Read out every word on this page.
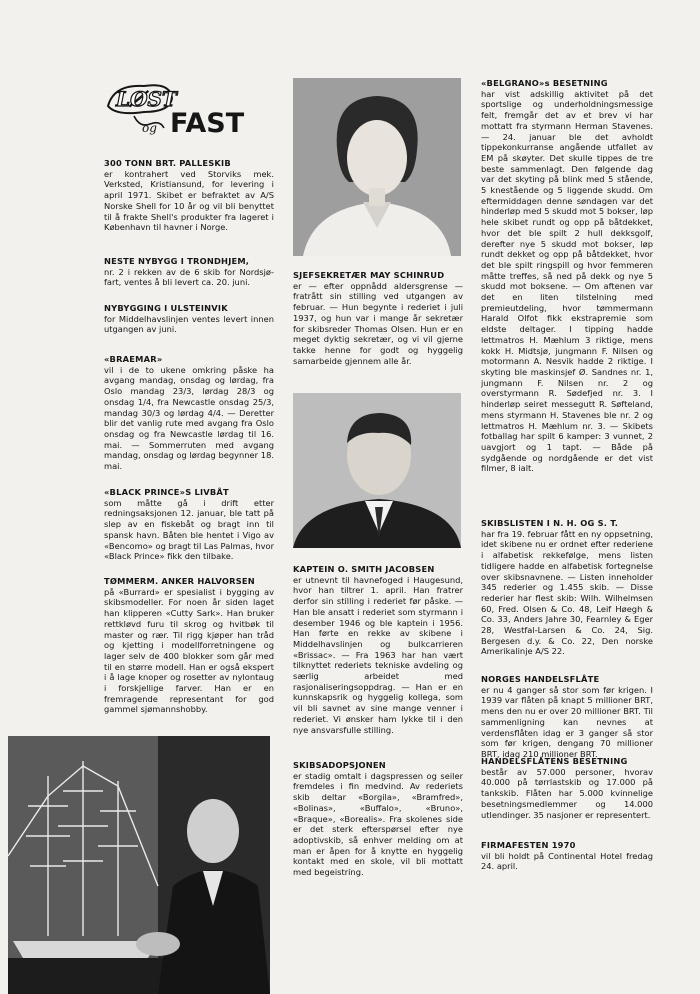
LØST
og FAST
300 TONN BRT. PALLESKIB

er kontrahert ved Storviks mek. Verksted, Kristiansund, for levering i april 1971. Skibet er befraktet av A/S Norske Shell for 10 år og vil bli benyttet til å frakte Shell's produkter fra lageret i København til havner i Norge.

NESTE NYBYGG I TRONDHJEM,

nr. 2 i rekken av de 6 skib for Nordsjø-fart, ventes å bli levert ca. 20. juni.

NYBYGGING I ULSTEINVIK

for Middelhavslinjen ventes levert innen utgangen av juni.

«BRAEMAR»

vil i de to ukene omkring påske ha avgang mandag, onsdag og lørdag, fra Oslo mandag 23/3, lørdag 28/3 og onsdag 1/4, fra Newcastle onsdag 25/3, mandag 30/3 og lørdag 4/4. — Deretter blir det vanlig rute med avgang fra Oslo onsdag og fra Newcastle lørdag til 16. mai. — Sommerruten med avgang mandag, onsdag og lørdag begynner 18. mai.

«BLACK PRINCE»S LIVBÅT

som måtte gå i drift etter redningsaksjonen 12. januar, ble tatt på slep av en fiskebåt og bragt inn til spansk havn. Båten ble hentet i Vigo av «Bencomo» og bragt til Las Palmas, hvor «Black Prince» fikk den tilbake.

TØMMERM. ANKER HALVORSEN

på «Burrard» er spesialist i bygging av skibsmodeller. For noen år siden laget han klipperen «Cutty Sark». Han bruker rettkløvd furu til skrog og hvitbøk til master og rær. Til rigg kjøper han tråd og kjetting i modellforretningene og lager selv de 400 blokker som går med til en større modell. Han er også ekspert i å lage knoper og rosetter av nylontaug i forskjellige farver. Han er en fremragende representant for god gammel sjømannshobby.

SJEFSEKRETÆR MAY SCHINRUD

er — efter oppnådd aldersgrense — fratrått sin stilling ved utgangen av februar. — Hun begynte i rederiet i juli 1937, og hun var i mange år sekretær for skibsreder Thomas Olsen. Hun er en meget dyktig sekretær, og vi vil gjerne takke henne for godt og hyggelig samarbeide gjennem alle år.

KAPTEIN O. SMITH JACOBSEN

er utnevnt til havnefoged i Haugesund, hvor han tiltrer 1. april. Han fratrer derfor sin stilling i rederiet før påske. — Han ble ansatt i rederiet som styrmann i desember 1946 og ble kaptein i 1956. Han førte en rekke av skibene i Middelhavslinjen og bulkcarrieren «Brissac». — Fra 1963 har han vært tilknyttet rederiets tekniske avdeling og særlig arbeidet med rasjonaliseringsoppdrag. — Han er en kunnskapsrik og hyggelig kollega, som vil bli savnet av sine mange venner i rederiet. Vi ønsker ham lykke til i den nye ansvarsfulle stilling.

SKIBSADOPSJONEN

er stadig omtalt i dagspressen og seiler fremdeles i fin medvind. Av rederiets skib deltar «Borgila», «Bramfred», «Bolinas», «Buffalo», «Bruno», «Braque», «Borealis». Fra skolenes side er det sterk efterspørsel efter nye adoptivskib, så enhver melding om at man er åpen for å knytte en hyggelig kontakt med en skole, vil bli mottatt med begeistring.

«BELGRANO»s BESETNING

har vist adskillig aktivitet på det sportslige og underholdningsmessige felt, fremgår det av et brev vi har mottatt fra styrmann Herman Stavenes. — 24. januar ble det avholdt tippekonkurranse angående utfallet av EM på skøyter. Det skulle tippes de tre beste sammenlagt. Den følgende dag var det skyting på blink med 5 stående, 5 knestående og 5 liggende skudd. Om eftermiddagen denne søndagen var det hinderløp med 5 skudd mot 5 bokser, løp hele skibet rundt og opp på båtdekket, hvor det ble spilt 2 hull dekksgolf, derefter nye 5 skudd mot bokser, løp rundt dekket og opp på båtdekket, hvor det ble spilt ringspill og hvor femmeren måtte treffes, så ned på dekk og nye 5 skudd mot boksene. — Om aftenen var det en liten tilstelning med premieutdeling, hvor tømmermann Harald Olfot fikk ekstrapremie som eldste deltager. I tipping hadde lettmatros H. Mæhlum 3 riktige, mens kokk H. Midtsjø, jungmann F. Nilsen og motormann A. Nesvik hadde 2 riktige. I skyting ble maskinsjef Ø. Sandnes nr. 1, jungmann F. Nilsen nr. 2 og overstyrmann R. Sødefjed nr. 3. I hinderløp seiret messegutt R. Søfteland, mens styrmann H. Stavenes ble nr. 2 og lettmatros H. Mæhlum nr. 3. — Skibets fotballag har spilt 6 kamper: 3 vunnet, 2 uavgjort og 1 tapt. — Både på sydgående og nordgående er det vist filmer, 8 ialt.

SKIBSLISTEN I N. H. OG S. T.

har fra 19. februar fått en ny oppsetning, idet skibene nu er ordnet efter rederiene i alfabetisk rekkefølge, mens listen tidligere hadde en alfabetisk fortegnelse over skibsnavnene. — Listen inneholder 345 rederier og 1.455 skib. — Disse rederier har flest skib: Wilh. Wilhelmsen 60, Fred. Olsen & Co. 48, Leif Høegh & Co. 33, Anders Jahre 30, Fearnley & Eger 28, Westfal-Larsen & Co. 24, Sig. Bergesen d.y. & Co. 22, Den norske Amerikalinje A/S 22.

NORGES HANDELSFLÅTE

er nu 4 ganger så stor som før krigen. I 1939 var flåten på knapt 5 millioner BRT, mens den nu er over 20 millioner BRT. Til sammenligning kan nevnes at verdensflåten idag er 3 ganger så stor som før krigen, dengang 70 millioner BRT, idag 210 millioner BRT.

HANDELSFLÅTENS BESETNING

består av 57.000 personer, hvorav 40.000 på tørrlastskib og 17.000 på tankskib. Flåten har 5.000 kvinnelige besetningsmedlemmer og 14.000 utlendinger. 35 nasjoner er representert.

FIRMAFESTEN 1970

vil bli holdt på Continental Hotel fredag 24. april.
